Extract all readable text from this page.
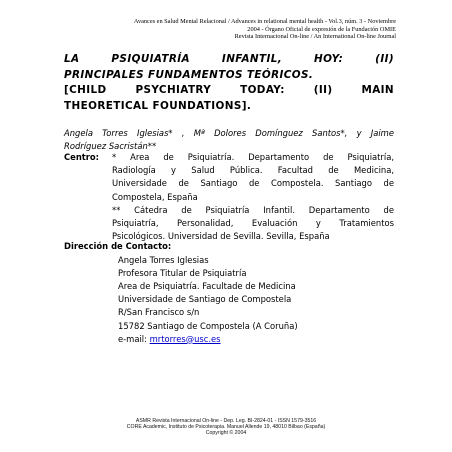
Avances en Salud Mental Relacional / Advances in relational mental health - Vol.3, núm. 3 - Noviembre
2004 - Órgano Oficial de expresión de la Fundación OMIE
Revista Internacional On-line / An International On-line Journal
LA PSIQUIATRÍA INFANTIL, HOY: (II)
PRINCIPALES FUNDAMENTOS TEÓRICOS.
[CHILD PSYCHIATRY TODAY: (II) MAIN
THEORETICAL FOUNDATIONS].
Angela Torres Iglesias* , Mª Dolores Domínguez Santos*, y Jaime
Rodríguez Sacristán**
Centro: * Area de Psiquiatría. Departamento de Psiquiatría,
Radiología y Salud Pública. Facultad de Medicina,
Universidade de Santiago de Compostela. Santiago de
Compostela, España
** Cátedra de Psiquiatría Infantil. Departamento de
Psiquiatría, Personalidad, Evaluación y Tratamientos
Psicológicos. Universidad de Sevilla. Sevilla, España
Dirección de Contacto:
Angela Torres Iglesias
Profesora Titular de Psiquiatría
Area de Psiquiatría. Facultade de Medicina
Universidade de Santiago de Compostela
R/San Francisco s/n
15782 Santiago de Compostela (A Coruña)
e-mail: mrtorres@usc.es
ASMR Revista Internacional On-line - Dep. Leg. BI-2824-01 - ISSN 1579-3516
CORE Academic, Instituto de Psicoterapia. Manuel Allende 19, 48010 Bilbao (España)
Copyright © 2004
